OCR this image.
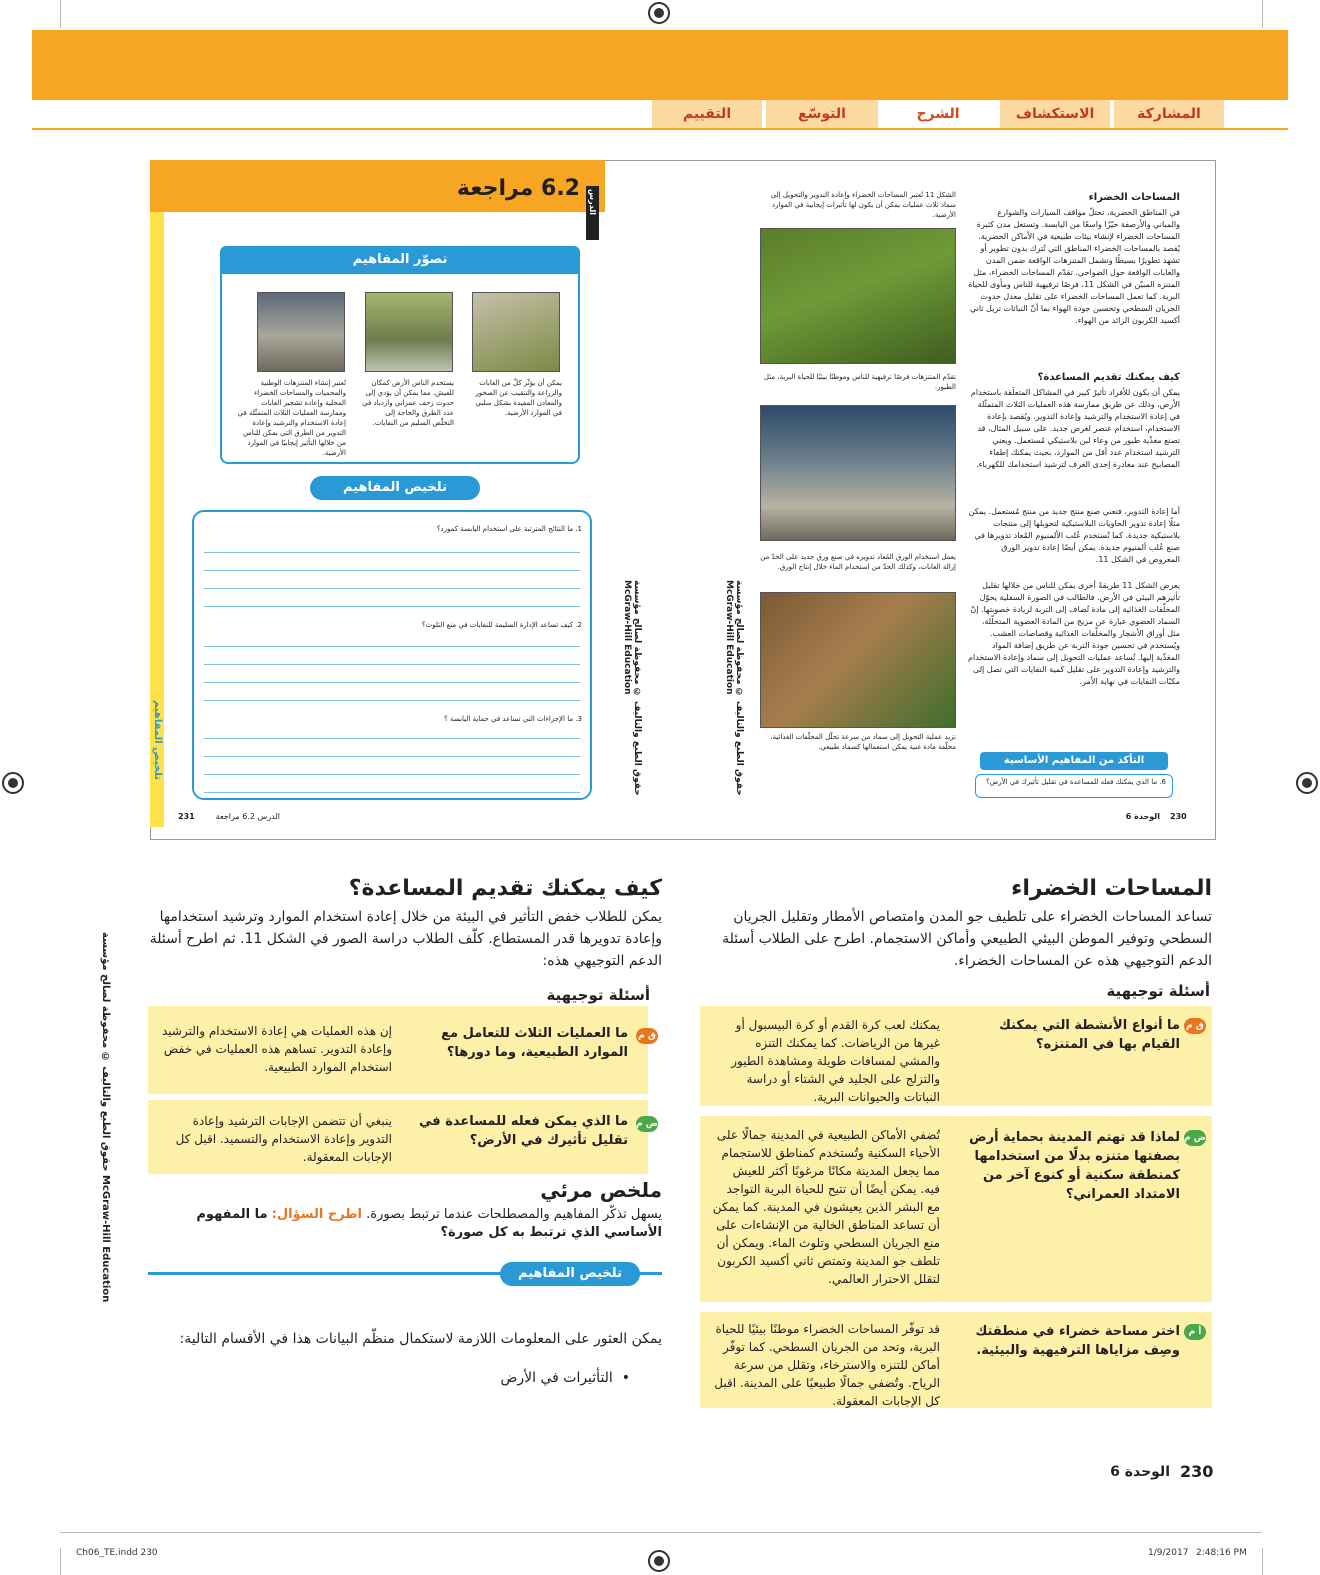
المشاركة
الاستكشاف
الشرح
التوسّع
التقييم
المساحات الخضراء
في المناطق الحضرية، تحتلّ مواقف السيارات والشوارع والمباني والأرصفة حيّزًا واسعًا من اليابسة. وتستغل مدن كثيرة المساحات الخضراء لإنشاء بيئات طبيعية في الأماكن الحضرية. يُقصد بالمساحات الخضراء المناطق التي تُترك بدون تطوير أو تشهد تطويرًا بسيطًا وتشمل المتنزهات الواقعة ضمن المدن والغابات الواقعة حول الضواحي. تقدّم المساحات الخضراء، مثل المتنزه المبيّن في الشكل 11، فرصًا ترفيهية للناس ومأوى للحياة البرية. كما تعمل المساحات الخضراء على تقليل معدل حدوث الجريان السطحي وتحسين جودة الهواء بما أنّ النباتات تزيل ثاني أكسيد الكربون الزائد من الهواء.
كيف يمكنك تقديم المساعدة؟
يمكن أن يكون للأفراد تأثيرٌ كبير في المشاكل المتعلّقة باستخدام الأرض، وذلك عن طريق ممارسة هذه العمليات الثلاث المتمثّلة في إعادة الاستخدام والترشيد وإعادة التدوير. ويُقصد بإعادة الاستخدام، استخدام عنصر لغرض جديد. على سبيل المثال، قد تصنع مغذّية طيور من وعاء لبن بلاستيكي مُستعمل. ويعني الترشيد استخدام عدد أقل من الموارد، بحيث يمكنك إطفاء المصابيح عند مغادرة إحدى الغرف لترشيد استخدامك للكهرباء.
أما إعادة التدوير، فتعني صنع منتج جديد من منتج مُستعمل. يمكن مثلًا إعادة تدوير الحاويات البلاستيكية لتحويلها إلى منتجات بلاستيكية جديدة. كما تُستخدم عُلب الألمنيوم المُعاد تدويرها في صنع عُلب ألمنيوم جديدة. يمكن أيضًا إعادة تدوير الورق المعروض في الشكل 11.
يعرض الشكل 11 طريقةً أخرى يمكن للناس من خلالها تقليل تأثيرهم البيئي في الأرض. فالطالب في الصورة السفلية يحوّل المخلّفات الغذائية إلى مادة تُضاف إلى التربة لزيادة خصوبتها. إنّ السماد العضوي عبارة عن مزيج من المادة العضوية المتحلّلة، مثل أوراق الأشجار والمخلّفات الغذائية وقصاصات العشب. ويُستخدم في تحسين جودة التربة عن طريق إضافة المواد المغذّية إليها. تُساعد عمليات التحويل إلى سماد وإعادة الاستخدام والترشيد وإعادة التدوير على تقليل كمية النفايات التي تصل إلى مكبّات النفايات في نهاية الأمر.
الشكل 11 تُعتبر المساحات الخضراء وإعادة التدوير والتحويل إلى سماد ثلاث عمليات يمكن أن يكون لها تأثيرات إيجابية في الموارد الأرضية.
تقدّم المتنزهات فرصًا ترفيهية للناس وموطنًا بيئيًا للحياة البرية، مثل الطيور.
يعمل استخدام الورق المُعاد تدويره في صنع ورق جديد على الحدّ من إزالة الغابات، وكذلك الحدّ من استخدام الماء خلال إنتاج الورق.
تزيد عملية التحويل إلى سماد من سرعة تحلّل المخلّفات الغذائية، مخلّفة مادة غنية يمكن استعمالها كسماد طبيعي.
التأكد من المفاهيم الأساسية
6. ما الذي يمكنك فعله للمساعدة في تقليل تأثيرك في الأرض؟
230
الوحدة 6
حقوق الطبع والتأليف © محفوظة لصالح مؤسسة McGraw-Hill Education
6.2 مراجعة
الدرس
تصوّر المفاهيم
يمكن أن يؤثّر كلٌّ من الغابات والزراعة والتنقيب عن الصخور والمعادن المفيدة بشكل سلبي في الموارد الأرضية.
يستخدم الناس الأرض كمكان للعيش، مما يمكن أن يؤدي إلى حدوث زحف عمراني وازدياد في عدد الطرق والحاجة إلى التخلّص السليم من النفايات.
تُعتبر إنشاء المتنزهات الوطنية والمحميات والمساحات الخضراء المحلية وإعادة تشجير الغابات وممارسة العمليات الثلاث المتمثّلة في إعادة الاستخدام والترشيد وإعادة التدوير من الطرق التي يمكن للناس من خلالها التأثير إيجابيًا في الموارد الأرضية.
تلخيص المفاهيم
1. ما النتائج المترتبة على استخدام اليابسة كمورد؟
2. كيف تساعد الإدارة السليمة للنفايات في منع التلوث؟
3. ما الإجراءات التي تساعد في حماية اليابسة ؟
تلخيص المفاهيم
231	الدرس 6.2 مراجعة
حقوق الطبع والتأليف © محفوظة لصالح مؤسسة McGraw-Hill Education
المساحات الخضراء
تساعد المساحات الخضراء على تلطيف جو المدن وامتصاص الأمطار وتقليل الجريان السطحي وتوفير الموطن البيئي الطبيعي وأماكن الاستجمام. اطرح على الطلاب أسئلة الدعم التوجيهي هذه عن المساحات الخضراء.
أسئلة توجيهية
ق م
ما أنواع الأنشطة التي يمكنك القيام بها في المتنزه؟
يمكنك لعب كرة القدم أو كرة البيسبول أو غيرها من الرياضات. كما يمكنك التنزه والمشي لمسافات طويلة ومشاهدة الطيور والتزلج على الجليد في الشتاء أو دراسة النباتات والحيوانات البرية.
ض م
لماذا قد تهتم المدينة بحماية أرض بصفتها متنزه بدلًا من استخدامها كمنطقة سكنية أو كنوع آخر من الامتداد العمراني؟
تُضفي الأماكن الطبيعية في المدينة جمالًا على الأحياء السكنية وتُستخدم كمناطق للاستجمام مما يجعل المدينة مكانًا مرغوبًا أكثر للعيش فيه. يمكن أيضًا أن تتيح للحياة البرية التواجد مع البشر الذين يعيشون في المدينة. كما يمكن أن تساعد المناطق الخالية من الإنشاءات على منع الجريان السطحي وتلوث الماء. ويمكن أن تلطف جو المدينة وتمتص ثاني أكسيد الكربون لتقلل الاحترار العالمي.
أ م
اختر مساحة خضراء في منطقتك وصِف مزاياها الترفيهية والبيئية.
قد توفّر المساحات الخضراء موطنًا بيئيًا للحياة البرية، وتحد من الجريان السطحي. كما توفّر أماكن للتنزه والاسترخاء، وتقلل من سرعة الرياح. وتُضفي جمالًا طبيعيًا على المدينة. اقبل كل الإجابات المعقولة.
كيف يمكنك تقديم المساعدة؟
يمكن للطلاب خفض التأثير في البيئة من خلال إعادة استخدام الموارد وترشيد استخدامها وإعادة تدويرها قدر المستطاع. كلّف الطلاب دراسة الصور في الشكل 11. ثم اطرح أسئلة الدعم التوجيهي هذه:
أسئلة توجيهية
ق م
ما العمليات الثلاث للتعامل مع الموارد الطبيعية، وما دورها؟
إن هذه العمليات هي إعادة الاستخدام والترشيد وإعادة التدوير. تساهم هذه العمليات في خفض استخدام الموارد الطبيعية.
ض م
ما الذي يمكن فعله للمساعدة في تقليل تأثيرك في الأرض؟
ينبغي أن تتضمن الإجابات الترشيد وإعادة التدوير وإعادة الاستخدام والتسميد. اقبل كل الإجابات المعقولة.
ملخص مرئي
يسهل تذكّر المفاهيم والمصطلحات عندما ترتبط بصورة. اطرح السؤال: ما المفهوم الأساسي الذي ترتبط به كل صورة؟
تلخيص المفاهيم
يمكن العثور على المعلومات اللازمة لاستكمال منظّم البيانات هذا في الأقسام التالية:
•  التأثيرات في الأرض
حقوق الطبع والتأليف © محفوظة لصالح مؤسسة McGraw-Hill Education
230
الوحدة 6
Ch06_TE.indd 230	1/9/2017 2:48:16 PM
